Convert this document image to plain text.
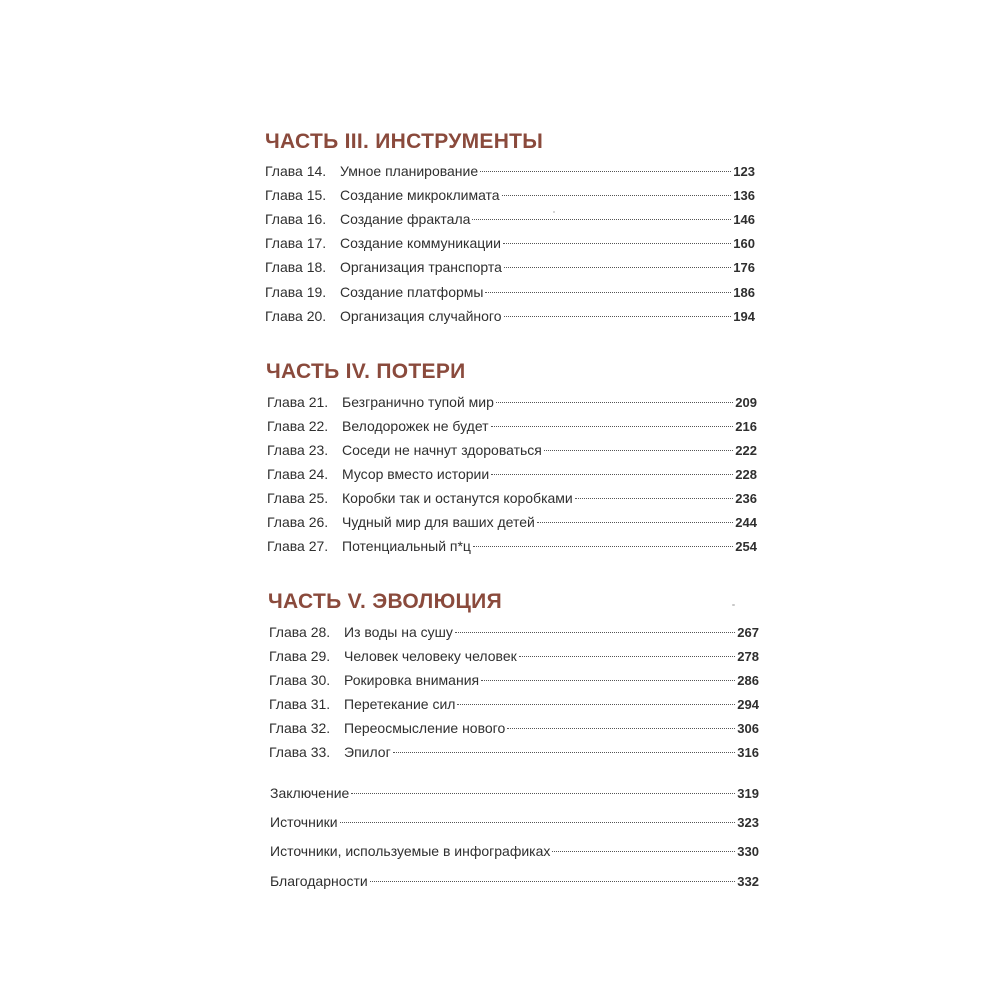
ЧАСТЬ III. ИНСТРУМЕНТЫ
Глава 14. Умное планирование	123
Глава 15. Создание микроклимата	136
Глава 16. Создание фрактала	146
Глава 17. Создание коммуникации	160
Глава 18. Организация транспорта	176
Глава 19. Создание платформы	186
Глава 20. Организация случайного	194
ЧАСТЬ IV. ПОТЕРИ
Глава 21. Безгранично тупой мир	209
Глава 22. Велодорожек не будет	216
Глава 23. Соседи не начнут здороваться	222
Глава 24. Мусор вместо истории	228
Глава 25. Коробки так и останутся коробками	236
Глава 26. Чудный мир для ваших детей	244
Глава 27. Потенциальный п*ц	254
ЧАСТЬ V. ЭВОЛЮЦИЯ
Глава 28. Из воды на сушу	267
Глава 29. Человек человеку человек	278
Глава 30. Рокировка внимания	286
Глава 31. Перетекание сил	294
Глава 32. Переосмысление нового	306
Глава 33. Эпилог	316
Заключение	319
Источники	323
Источники, используемые в инфографиках	330
Благодарности	332
